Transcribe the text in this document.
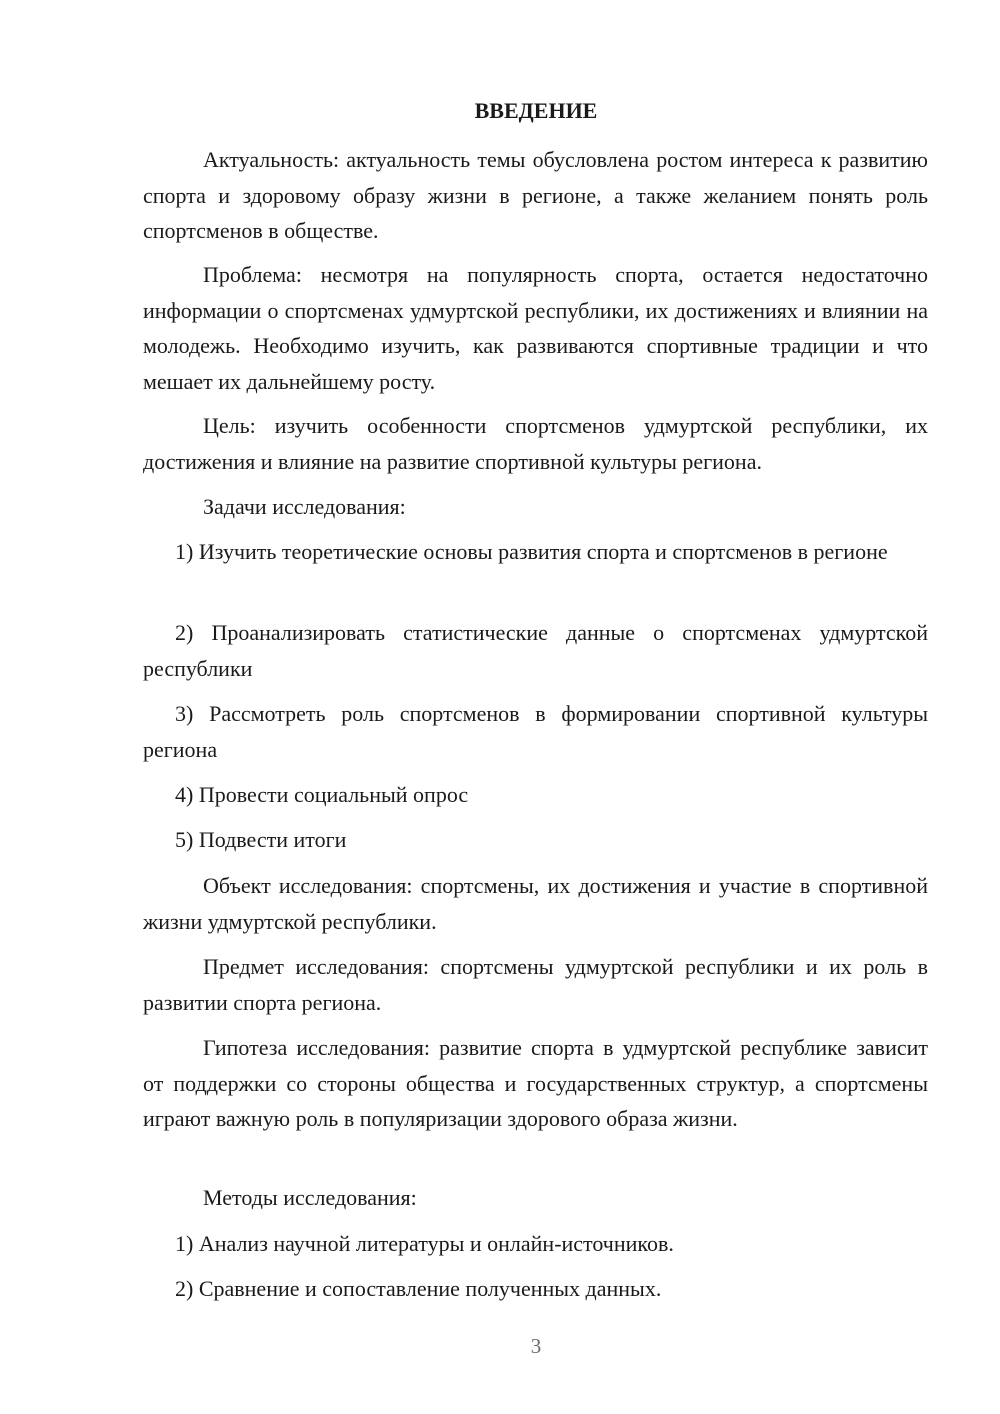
ВВЕДЕНИЕ

Актуальность: актуальность темы обусловлена ростом интереса к развитию спорта и здоровому образу жизни в регионе, а также желанием понять роль спортсменов в обществе.

Проблема: несмотря на популярность спорта, остается недостаточно информации о спортсменах удмуртской республики, их достижениях и влиянии на молодежь. Необходимо изучить, как развиваются спортивные традиции и что мешает их дальнейшему росту.

Цель: изучить особенности спортсменов удмуртской республики, их достижения и влияние на развитие спортивной культуры региона.

Задачи исследования:

1) Изучить теоретические основы развития спорта и спортсменов в регионе

2) Проанализировать статистические данные о спортсменах удмуртской республики

3) Рассмотреть роль спортсменов в формировании спортивной культуры региона

4) Провести социальный опрос

5) Подвести итоги

Объект исследования: спортсмены, их достижения и участие в спортивной жизни удмуртской республики.

Предмет исследования: спортсмены удмуртской республики и их роль в развитии спорта региона.

Гипотеза исследования: развитие спорта в удмуртской республике зависит от поддержки со стороны общества и государственных структур, а спортсмены играют важную роль в популяризации здорового образа жизни.

Методы исследования:

1) Анализ научной литературы и онлайн-источников.

2) Сравнение и сопоставление полученных данных.

3
